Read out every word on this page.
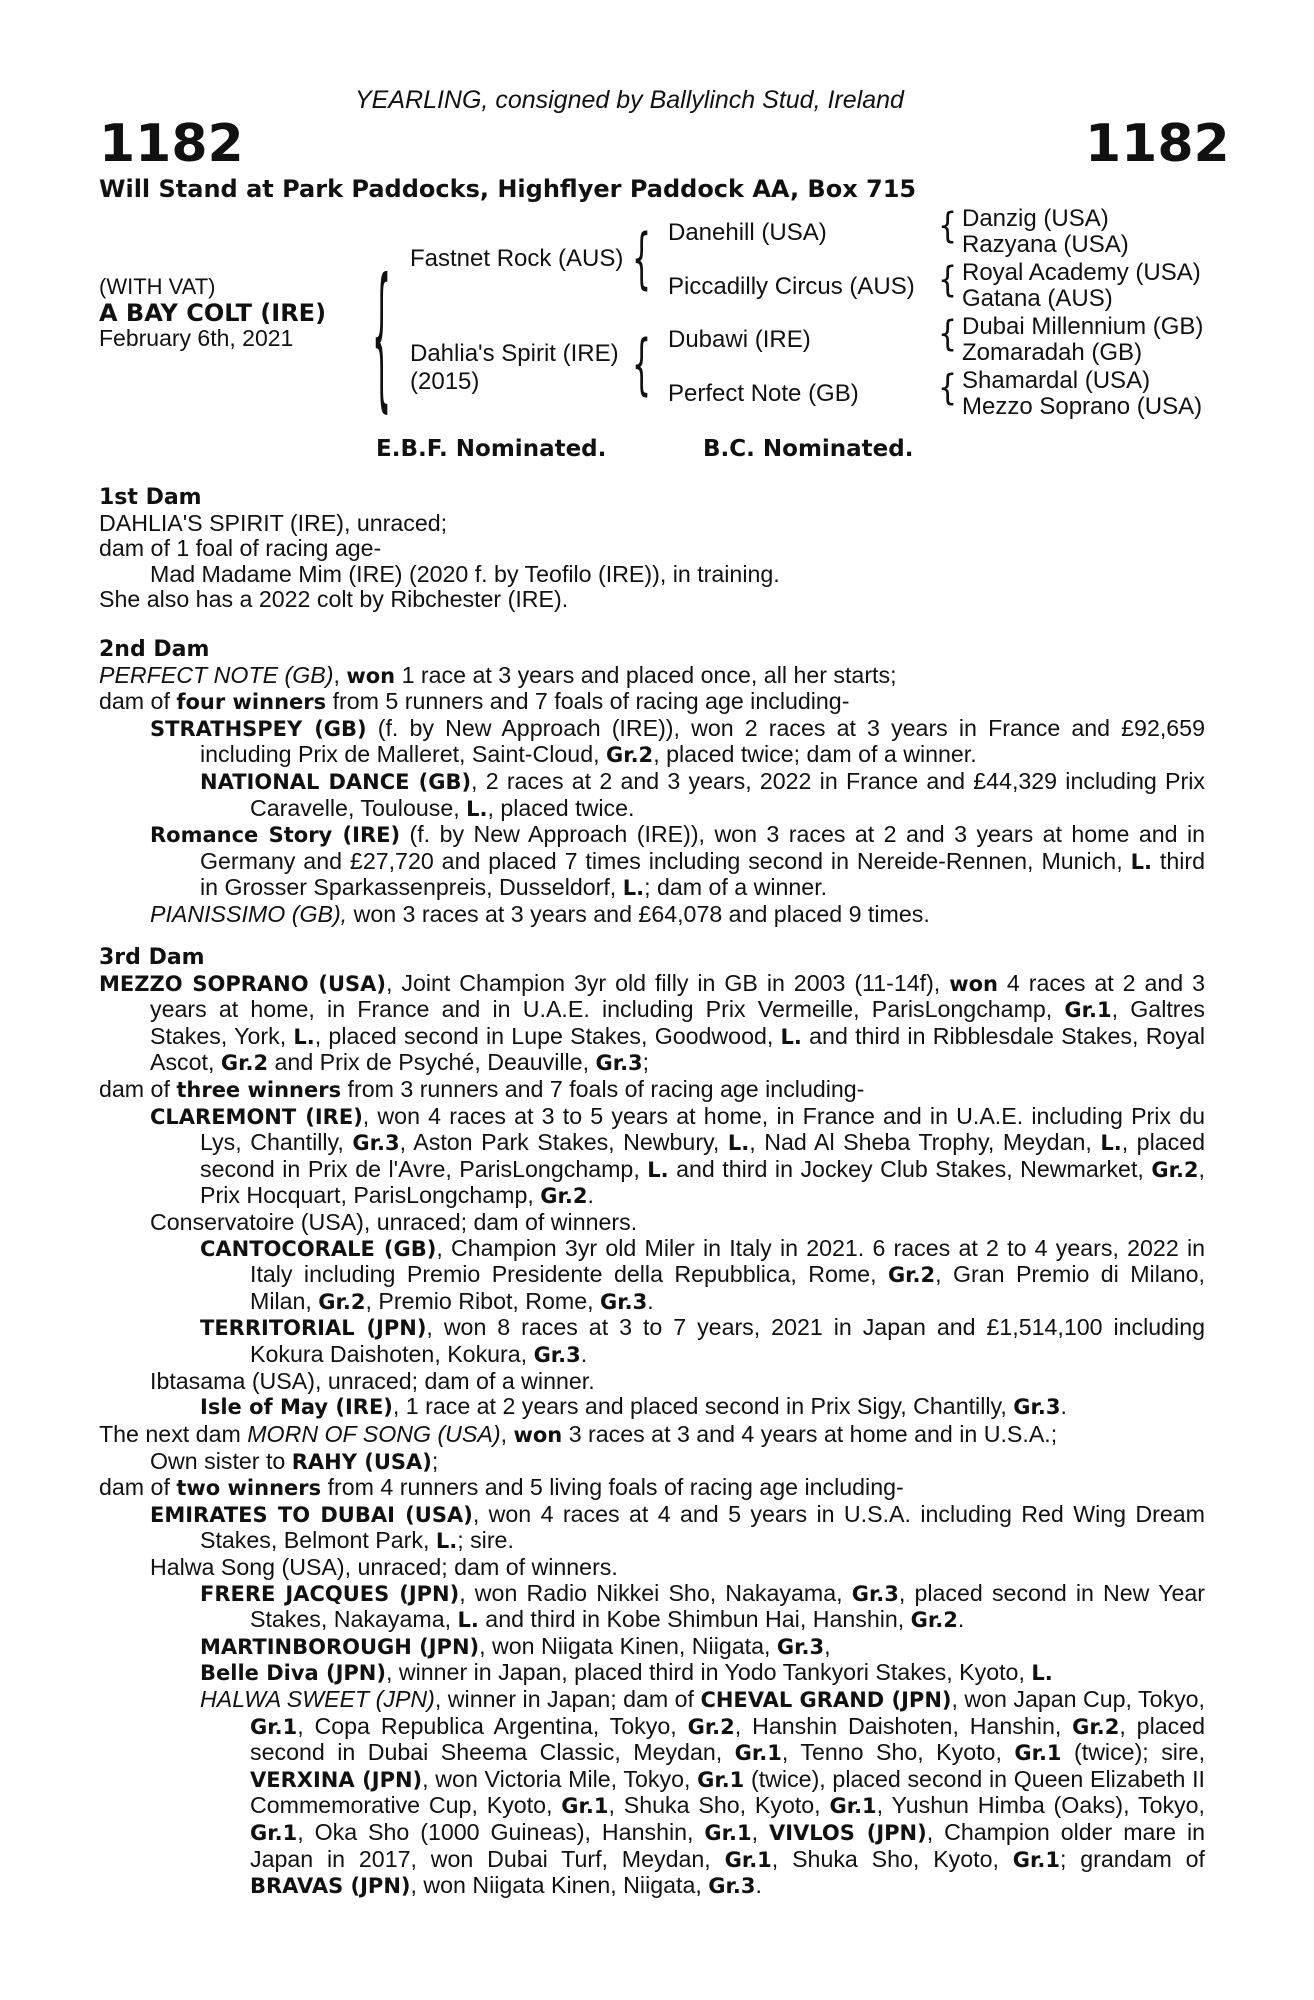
YEARLING, consigned by Ballylinch Stud, Ireland
1182	1182
Will Stand at Park Paddocks, Highflyer Paddock AA, Box 715
(WITH VAT)
A BAY COLT (IRE)
February 6th, 2021	{	{
{
{
{
{
{
Fastnet Rock (AUS)
Dahlia's Spirit (IRE)
(2015)
Danehill (USA)
Piccadilly Circus (AUS)
Dubawi (IRE)
Perfect Note (GB)
Danzig (USA)
Razyana (USA)
Royal Academy (USA)
Gatana (AUS)
Dubai Millennium (GB)
Zomaradah (GB)
Shamardal (USA)
Mezzo Soprano (USA)
E.B.F. Nominated.	B.C. Nominated.

1st Dam

DAHLIA'S SPIRIT (IRE), unraced;

dam of 1 foal of racing age-

Mad Madame Mim (IRE) (2020 f. by Teofilo (IRE)), in training.

She also has a 2022 colt by Ribchester (IRE).

2nd Dam

PERFECT NOTE (GB), won 1 race at 3 years and placed once, all her starts;

dam of four winners from 5 runners and 7 foals of racing age including-

STRATHSPEY (GB) (f. by New Approach (IRE)), won 2 races at 3 years in France and £92,659 including Prix de Malleret, Saint-Cloud, Gr.2, placed twice; dam of a winner.

NATIONAL DANCE (GB), 2 races at 2 and 3 years, 2022 in France and £44,329 including Prix Caravelle, Toulouse, L., placed twice.

Romance Story (IRE) (f. by New Approach (IRE)), won 3 races at 2 and 3 years at home and in Germany and £27,720 and placed 7 times including second in Nereide-Rennen, Munich, L. third in Grosser Sparkassenpreis, Dusseldorf, L.; dam of a winner.

PIANISSIMO (GB), won 3 races at 3 years and £64,078 and placed 9 times.

3rd Dam

MEZZO SOPRANO (USA), Joint Champion 3yr old filly in GB in 2003 (11-14f), won 4 races at 2 and 3 years at home, in France and in U.A.E. including Prix Vermeille, ParisLongchamp, Gr.1, Galtres Stakes, York, L., placed second in Lupe Stakes, Goodwood, L. and third in Ribblesdale Stakes, Royal Ascot, Gr.2 and Prix de Psyché, Deauville, Gr.3;

dam of three winners from 3 runners and 7 foals of racing age including-

CLAREMONT (IRE), won 4 races at 3 to 5 years at home, in France and in U.A.E. including Prix du Lys, Chantilly, Gr.3, Aston Park Stakes, Newbury, L., Nad Al Sheba Trophy, Meydan, L., placed second in Prix de l'Avre, ParisLongchamp, L. and third in Jockey Club Stakes, Newmarket, Gr.2, Prix Hocquart, ParisLongchamp, Gr.2.

Conservatoire (USA), unraced; dam of winners.

CANTOCORALE (GB), Champion 3yr old Miler in Italy in 2021. 6 races at 2 to 4 years, 2022 in Italy including Premio Presidente della Repubblica, Rome, Gr.2, Gran Premio di Milano, Milan, Gr.2, Premio Ribot, Rome, Gr.3.

TERRITORIAL (JPN), won 8 races at 3 to 7 years, 2021 in Japan and £1,514,100 including Kokura Daishoten, Kokura, Gr.3.

Ibtasama (USA), unraced; dam of a winner.

Isle of May (IRE), 1 race at 2 years and placed second in Prix Sigy, Chantilly, Gr.3.

The next dam MORN OF SONG (USA), won 3 races at 3 and 4 years at home and in U.S.A.;

Own sister to RAHY (USA);

dam of two winners from 4 runners and 5 living foals of racing age including-

EMIRATES TO DUBAI (USA), won 4 races at 4 and 5 years in U.S.A. including Red Wing Dream Stakes, Belmont Park, L.; sire.

Halwa Song (USA), unraced; dam of winners.

FRERE JACQUES (JPN), won Radio Nikkei Sho, Nakayama, Gr.3, placed second in New Year Stakes, Nakayama, L. and third in Kobe Shimbun Hai, Hanshin, Gr.2.

MARTINBOROUGH (JPN), won Niigata Kinen, Niigata, Gr.3,

Belle Diva (JPN), winner in Japan, placed third in Yodo Tankyori Stakes, Kyoto, L.

HALWA SWEET (JPN), winner in Japan; dam of CHEVAL GRAND (JPN), won Japan Cup, Tokyo, Gr.1, Copa Republica Argentina, Tokyo, Gr.2, Hanshin Daishoten, Hanshin, Gr.2, placed second in Dubai Sheema Classic, Meydan, Gr.1, Tenno Sho, Kyoto, Gr.1 (twice); sire, VERXINA (JPN), won Victoria Mile, Tokyo, Gr.1 (twice), placed second in Queen Elizabeth II Commemorative Cup, Kyoto, Gr.1, Shuka Sho, Kyoto, Gr.1, Yushun Himba (Oaks), Tokyo, Gr.1, Oka Sho (1000 Guineas), Hanshin, Gr.1, VIVLOS (JPN), Champion older mare in Japan in 2017, won Dubai Turf, Meydan, Gr.1, Shuka Sho, Kyoto, Gr.1; grandam of BRAVAS (JPN), won Niigata Kinen, Niigata, Gr.3.
